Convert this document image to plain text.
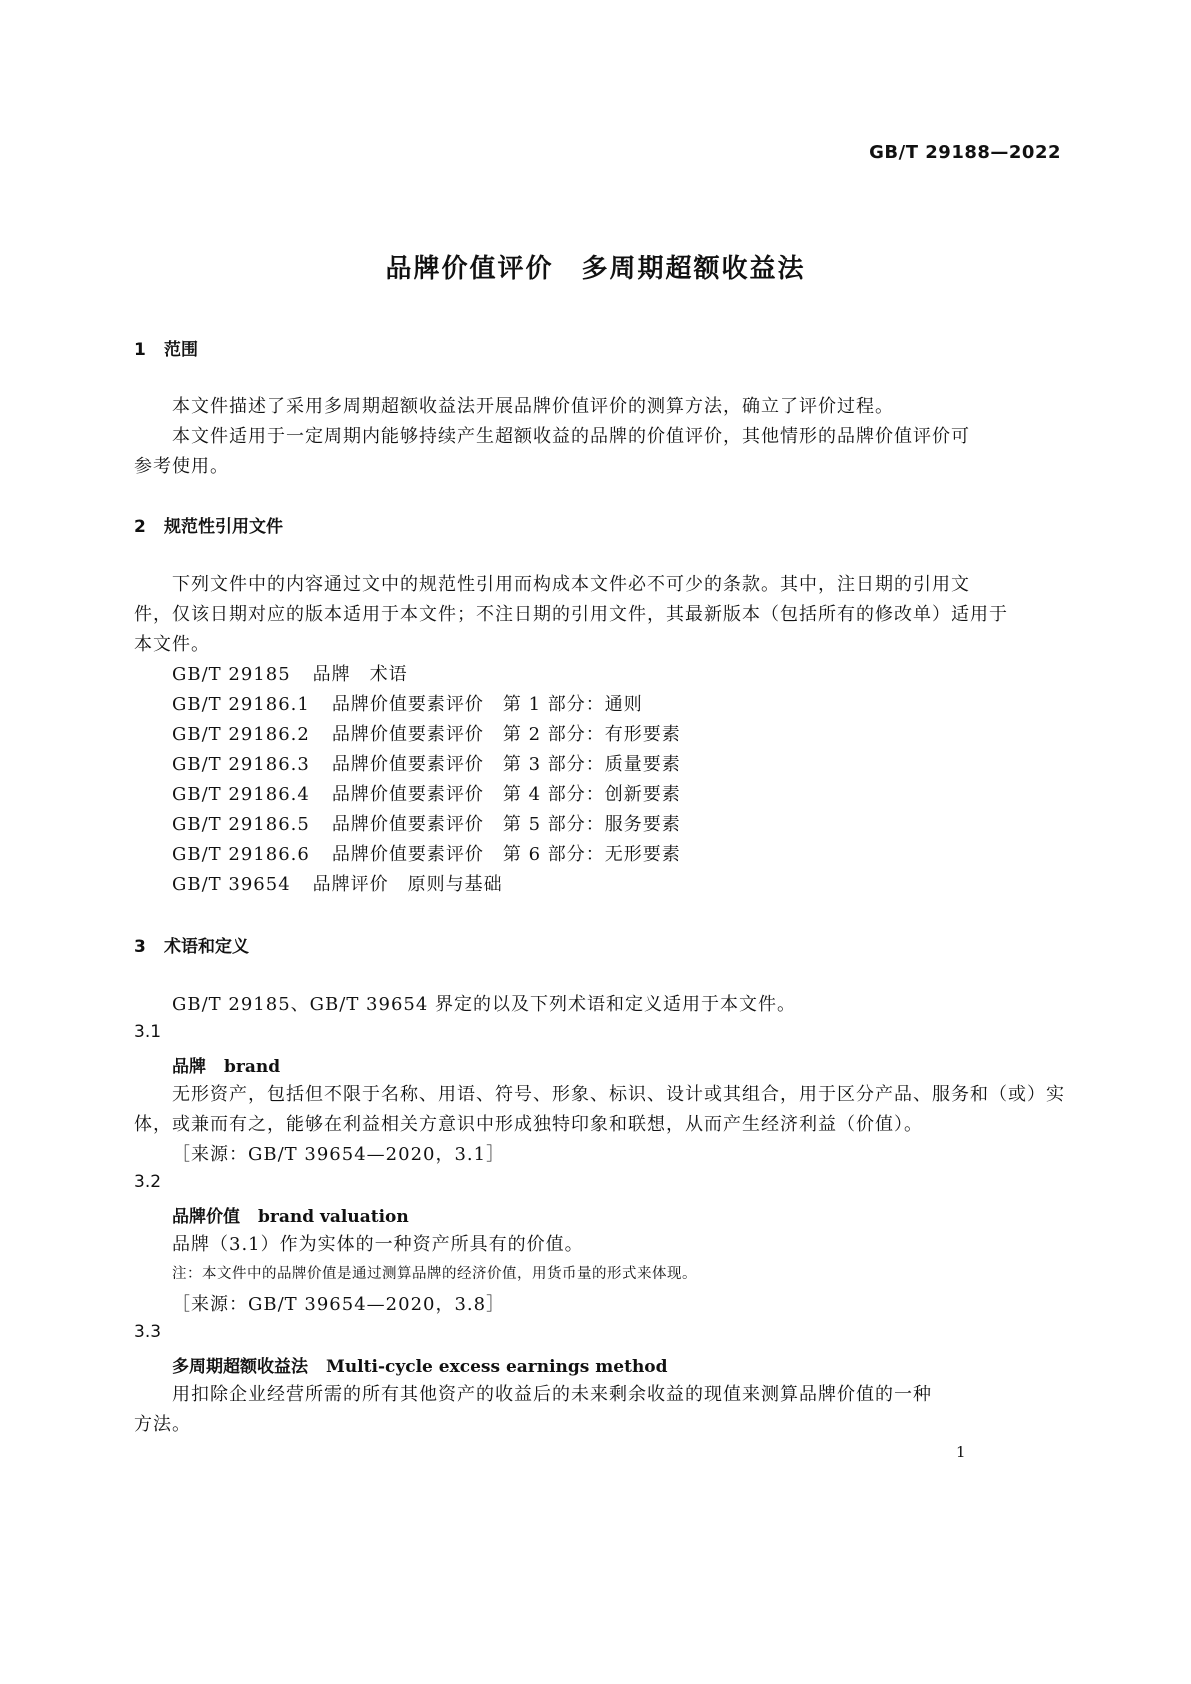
GB/T 29188—2022
品牌价值评价　多周期超额收益法
1 范围
本文件描述了采用多周期超额收益法开展品牌价值评价的测算方法，确立了评价过程。
本文件适用于一定周期内能够持续产生超额收益的品牌的价值评价，其他情形的品牌价值评价可
参考使用。
2 规范性引用文件
下列文件中的内容通过文中的规范性引用而构成本文件必不可少的条款。其中，注日期的引用文
件，仅该日期对应的版本适用于本文件；不注日期的引用文件，其最新版本（包括所有的修改单）适用于
本文件。
GB/T 29185 品牌　术语
GB/T 29186.1 品牌价值要素评价　第 1 部分：通则
GB/T 29186.2 品牌价值要素评价　第 2 部分：有形要素
GB/T 29186.3 品牌价值要素评价　第 3 部分：质量要素
GB/T 29186.4 品牌价值要素评价　第 4 部分：创新要素
GB/T 29186.5 品牌价值要素评价　第 5 部分：服务要素
GB/T 29186.6 品牌价值要素评价　第 6 部分：无形要素
GB/T 39654 品牌评价　原则与基础
3 术语和定义
GB/T 29185、GB/T 39654 界定的以及下列术语和定义适用于本文件。
3.1
品牌 brand
无形资产，包括但不限于名称、用语、符号、形象、标识、设计或其组合，用于区分产品、服务和（或）实
体，或兼而有之，能够在利益相关方意识中形成独特印象和联想，从而产生经济利益（价值）。
［来源：GB/T 39654—2020，3.1］
3.2
品牌价值 brand valuation
品牌（3.1）作为实体的一种资产所具有的价值。
注：本文件中的品牌价值是通过测算品牌的经济价值，用货币量的形式来体现。
［来源：GB/T 39654—2020，3.8］
3.3
多周期超额收益法 Multi-cycle excess earnings method
用扣除企业经营所需的所有其他资产的收益后的未来剩余收益的现值来测算品牌价值的一种
方法。
1
